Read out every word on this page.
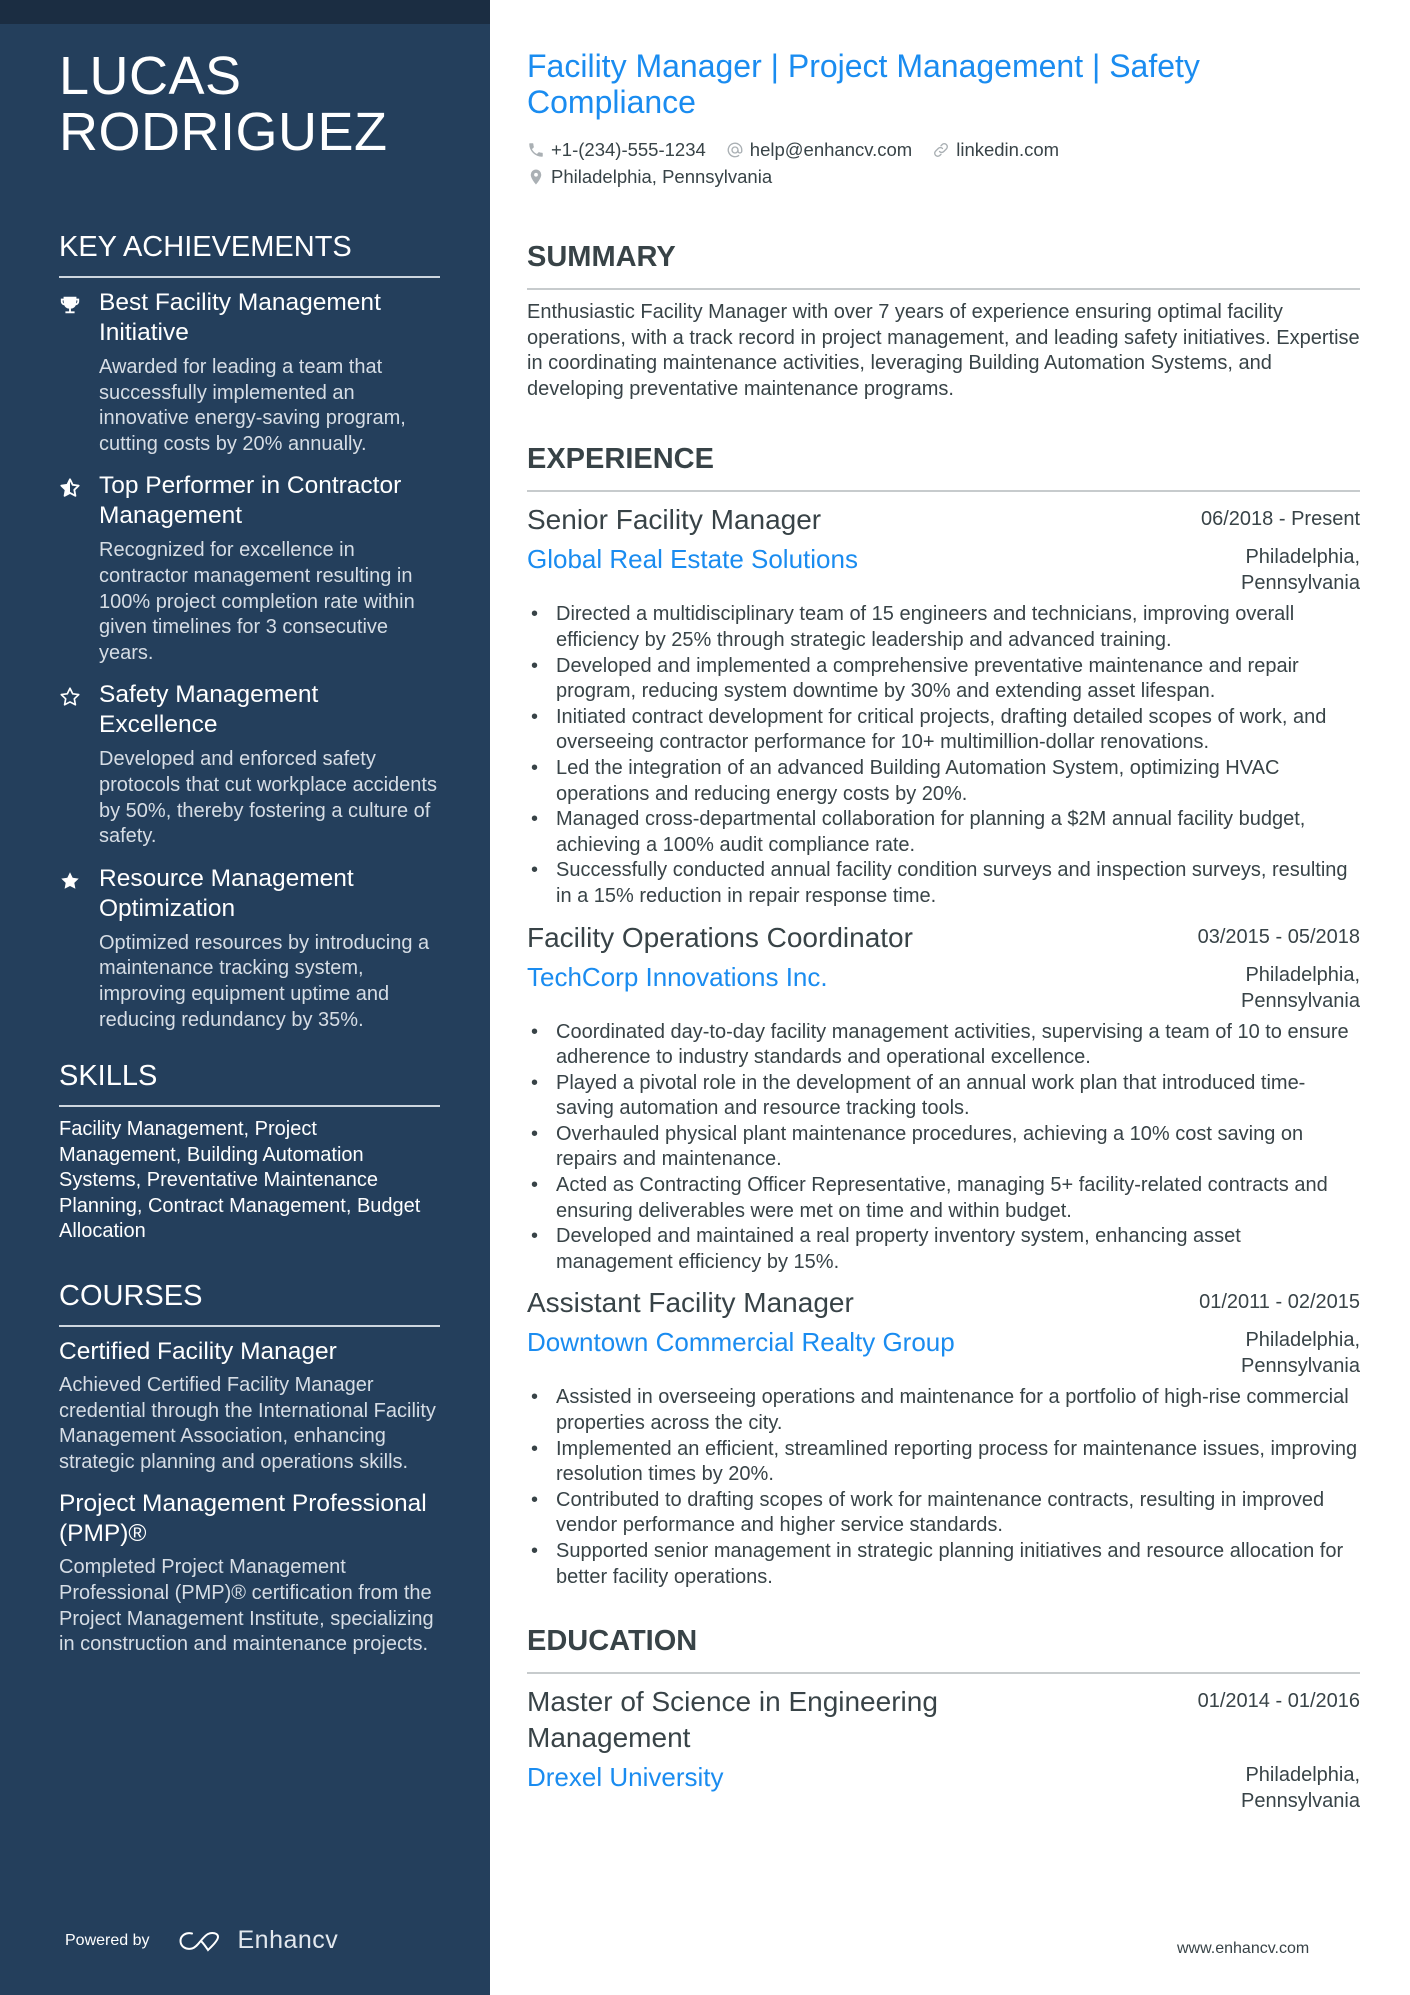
LUCAS
RODRIGUEZ
KEY ACHIEVEMENTS
Best Facility Management Initiative
Awarded for leading a team that successfully implemented an innovative energy-saving program, cutting costs by 20% annually.
Top Performer in Contractor Management
Recognized for excellence in contractor management resulting in 100% project completion rate within given timelines for 3 consecutive years.
Safety Management Excellence
Developed and enforced safety protocols that cut workplace accidents by 50%, thereby fostering a culture of safety.
Resource Management Optimization
Optimized resources by introducing a maintenance tracking system, improving equipment uptime and reducing redundancy by 35%.
SKILLS

Facility Management, Project Management, Building Automation Systems, Preventative Maintenance Planning, Contract Management, Budget Allocation

COURSES
Certified Facility Manager
Achieved Certified Facility Manager credential through the International Facility Management Association, enhancing strategic planning and operations skills.
Project Management Professional (PMP)®
Completed Project Management Professional (PMP)® certification from the Project Management Institute, specializing in construction and maintenance projects.
Powered by	Enhancv
Facility Manager | Project Management | Safety Compliance
+1-(234)-555-1234 help@enhancv.com linkedin.com
Philadelphia, Pennsylvania
SUMMARY

Enthusiastic Facility Manager with over 7 years of experience ensuring optimal facility operations, with a track record in project management, and leading safety initiatives. Expertise in coordinating maintenance activities, leveraging Building Automation Systems, and developing preventative maintenance programs.

EXPERIENCE
Senior Facility Manager	06/2018 - Present
Global Real Estate Solutions	Philadelphia,
Pennsylvania
• Directed a multidisciplinary team of 15 engineers and technicians, improving overall efficiency by 25% through strategic leadership and advanced training.
• Developed and implemented a comprehensive preventative maintenance and repair program, reducing system downtime by 30% and extending asset lifespan.
• Initiated contract development for critical projects, drafting detailed scopes of work, and overseeing contractor performance for 10+ multimillion-dollar renovations.
• Led the integration of an advanced Building Automation System, optimizing HVAC operations and reducing energy costs by 20%.
• Managed cross-departmental collaboration for planning a $2M annual facility budget, achieving a 100% audit compliance rate.
• Successfully conducted annual facility condition surveys and inspection surveys, resulting in a 15% reduction in repair response time.
Facility Operations Coordinator	03/2015 - 05/2018
TechCorp Innovations Inc.	Philadelphia,
Pennsylvania
• Coordinated day-to-day facility management activities, supervising a team of 10 to ensure adherence to industry standards and operational excellence.
• Played a pivotal role in the development of an annual work plan that introduced time-saving automation and resource tracking tools.
• Overhauled physical plant maintenance procedures, achieving a 10% cost saving on repairs and maintenance.
• Acted as Contracting Officer Representative, managing 5+ facility-related contracts and ensuring deliverables were met on time and within budget.
• Developed and maintained a real property inventory system, enhancing asset management efficiency by 15%.
Assistant Facility Manager	01/2011 - 02/2015
Downtown Commercial Realty Group	Philadelphia,
Pennsylvania
• Assisted in overseeing operations and maintenance for a portfolio of high-rise commercial properties across the city.
• Implemented an efficient, streamlined reporting process for maintenance issues, improving resolution times by 20%.
• Contributed to drafting scopes of work for maintenance contracts, resulting in improved vendor performance and higher service standards.
• Supported senior management in strategic planning initiatives and resource allocation for better facility operations.
EDUCATION
Master of Science in Engineering Management
01/2014 - 01/2016
Drexel University	Philadelphia,
Pennsylvania
www.enhancv.com
